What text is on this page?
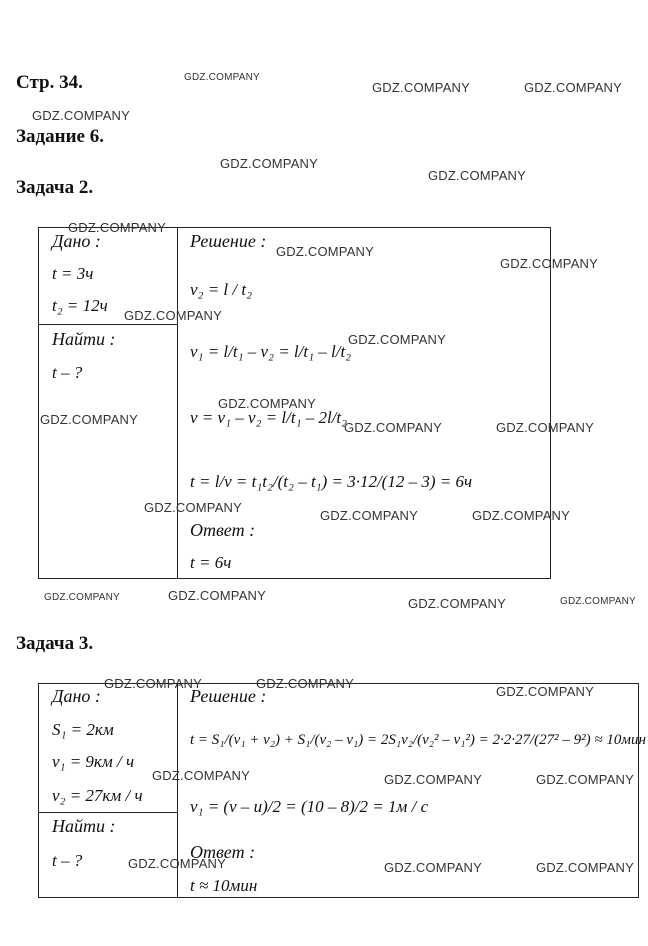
Стр. 34.
Задание 6.
Задача 2.
Задача 3.
Дано :
t = 3ч
t₂ = 12ч
Найти :
t – ?
Решение :
v₂ = l / t₂
v₁ = l/t₁ – v₂ = l/t₁ – l/t₂
v = v₁ – v₂ = l/t₁ – 2l/t₂
t = l/v = t₁t₂/(t₂ – t₁) = 3·12/(12 – 3) = 6ч
Ответ :
t = 6ч
Дано :
S₁ = 2км
v₁ = 9км / ч
v₂ = 27км / ч
Найти :
t – ?
Решение :
t = S₁/(v₁ + v₂) + S₁/(v₂ – v₁) = 2S₁v₂/(v₂² – v₁²) = 2·2·27/(27² – 9²) ≈ 10мин
v₁ = (v – u)/2 = (10 – 8)/2 = 1м / с
Ответ :
t ≈ 10мин
GDZ.COMPANY
GDZ.COMPANY	GDZ.COMPANY
GDZ.COMPANY
GDZ.COMPANY
GDZ.COMPANY
GDZ.COMPANY
GDZ.COMPANY
GDZ.COMPANY
GDZ.COMPANY
GDZ.COMPANY
GDZ.COMPANY
GDZ.COMPANY
GDZ.COMPANY	GDZ.COMPANY
GDZ.COMPANY
GDZ.COMPANY	GDZ.COMPANY
GDZ.COMPANY	GDZ.COMPANY
GDZ.COMPANY	GDZ.COMPANY
GDZ.COMPANY	GDZ.COMPANY
GDZ.COMPANY
GDZ.COMPANY	GDZ.COMPANY	GDZ.COMPANY
GDZ.COMPANY	GDZ.COMPANY	GDZ.COMPANY
